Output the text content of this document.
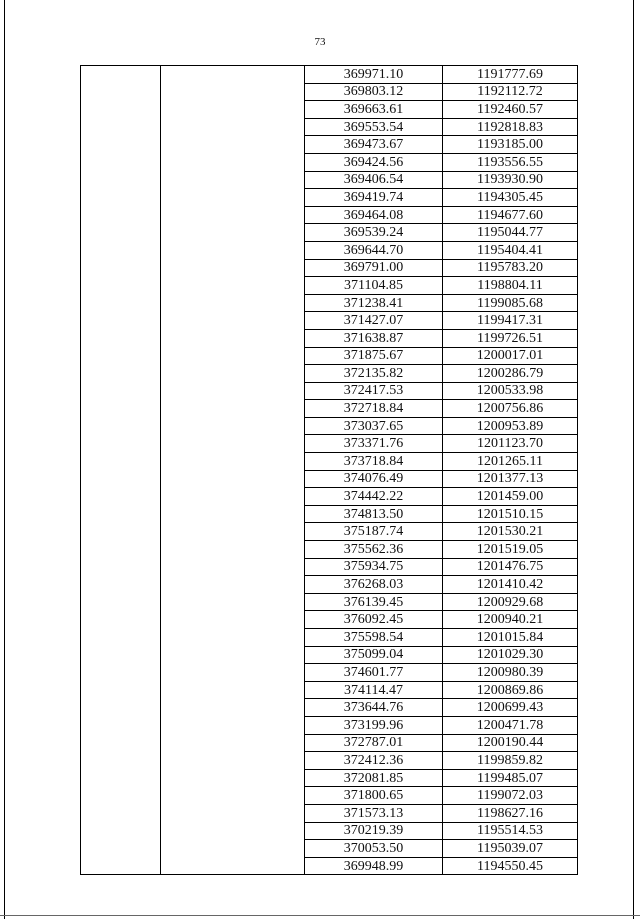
73
		369971.10	1191777.69
		369803.12	1192112.72
		369663.61	1192460.57
		369553.54	1192818.83
		369473.67	1193185.00
		369424.56	1193556.55
		369406.54	1193930.90
		369419.74	1194305.45
		369464.08	1194677.60
		369539.24	1195044.77
		369644.70	1195404.41
		369791.00	1195783.20
		371104.85	1198804.11
		371238.41	1199085.68
		371427.07	1199417.31
		371638.87	1199726.51
		371875.67	1200017.01
		372135.82	1200286.79
		372417.53	1200533.98
		372718.84	1200756.86
		373037.65	1200953.89
		373371.76	1201123.70
		373718.84	1201265.11
		374076.49	1201377.13
		374442.22	1201459.00
		374813.50	1201510.15
		375187.74	1201530.21
		375562.36	1201519.05
		375934.75	1201476.75
		376268.03	1201410.42
		376139.45	1200929.68
		376092.45	1200940.21
		375598.54	1201015.84
		375099.04	1201029.30
		374601.77	1200980.39
		374114.47	1200869.86
		373644.76	1200699.43
		373199.96	1200471.78
		372787.01	1200190.44
		372412.36	1199859.82
		372081.85	1199485.07
		371800.65	1199072.03
		371573.13	1198627.16
		370219.39	1195514.53
		370053.50	1195039.07
		369948.99	1194550.45
